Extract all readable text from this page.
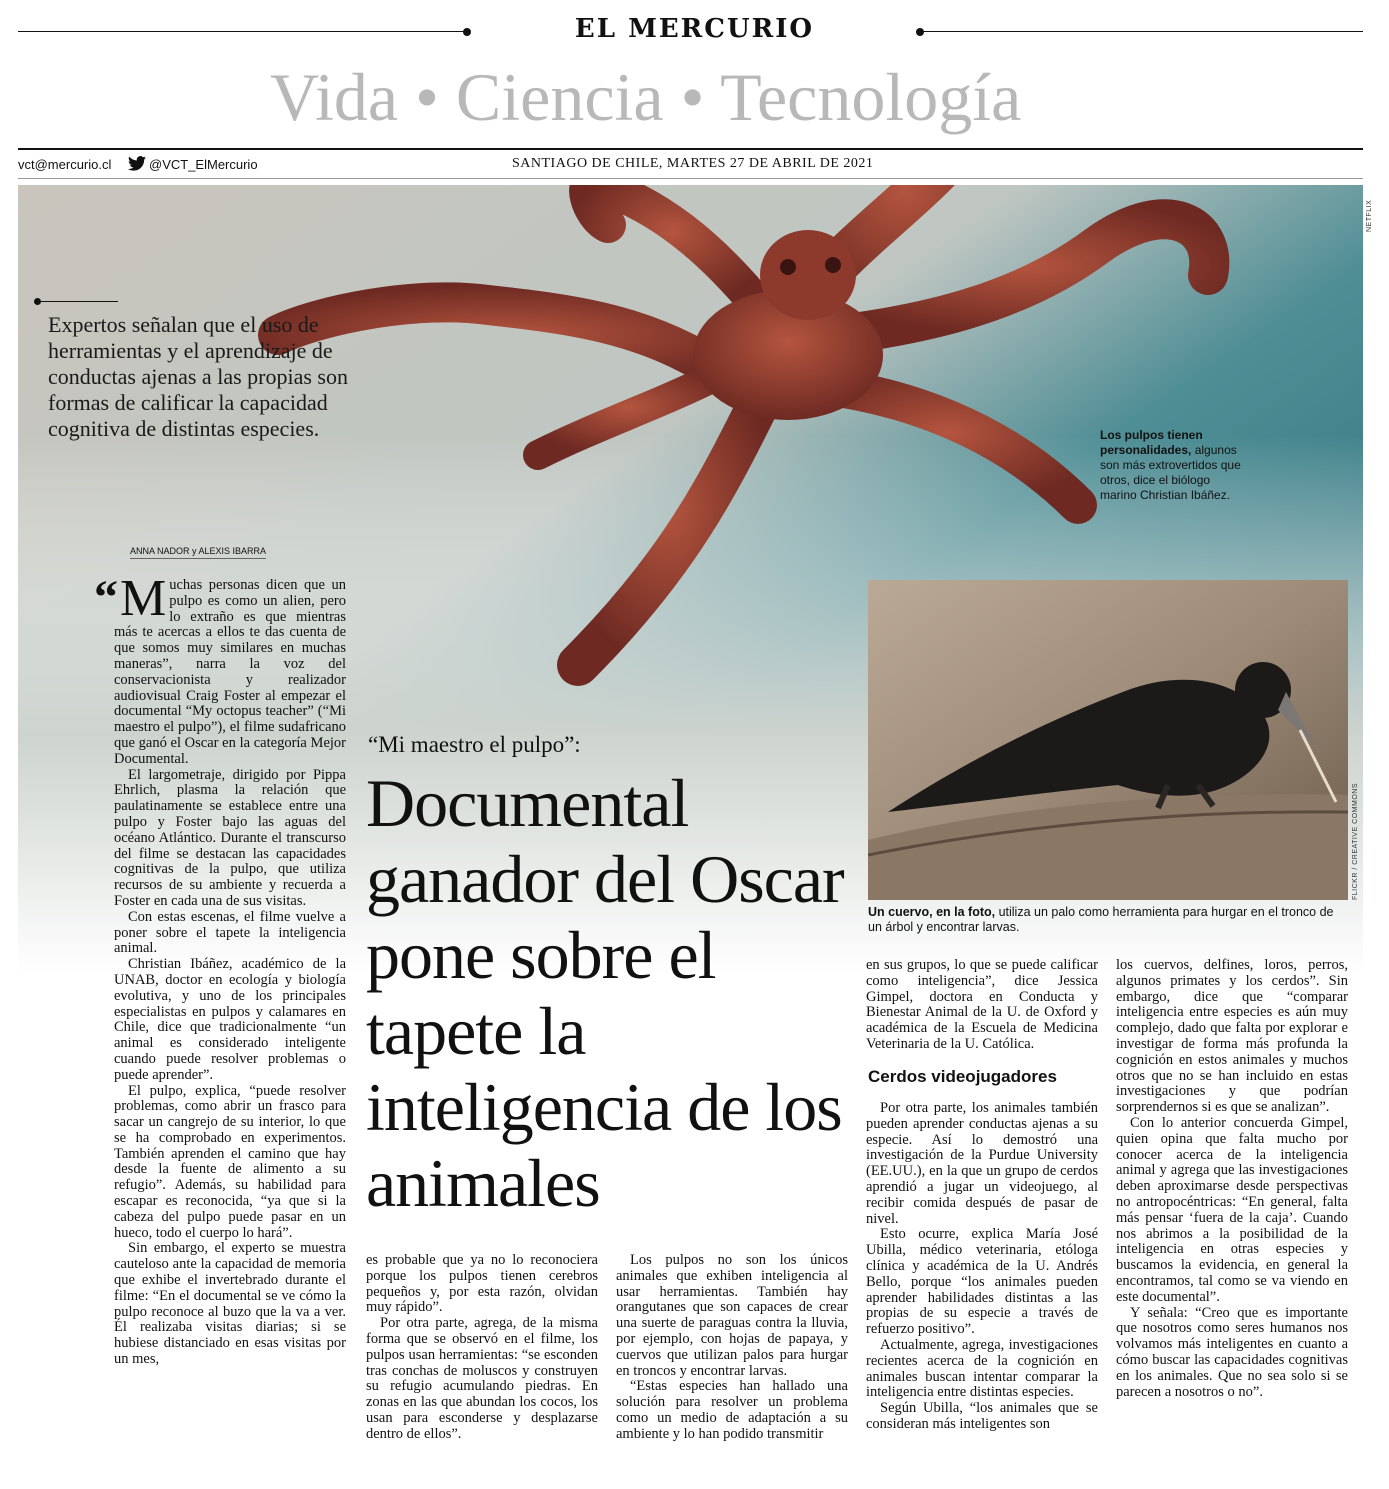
EL MERCURIO
Vida • Ciencia • Tecnología
vct@mercurio.cl	@VCT_ElMercurio	SANTIAGO DE CHILE, MARTES 27 DE ABRIL DE 2021
NETFLIX
Expertos señalan que el uso de herramientas y el aprendizaje de conductas ajenas a las propias son formas de calificar la capacidad cognitiva de distintas especies.
ANNA NADOR y ALEXIS IBARRA
Los pulpos tienen personalidades, algunos son más extrovertidos que otros, dice el biólogo marino Christian Ibáñez.
FLICKR / CREATIVE COMMONS
Un cuervo, en la foto, utiliza un palo como herramienta para hurgar en el tronco de un árbol y encontrar larvas.
“Mi maestro el pulpo”:
Documental ganador del Oscar pone sobre el tapete la inteligencia de los animales

“ M uchas personas dicen que un pulpo es como un alien, pero lo extraño es que mientras más te acercas a ellos te das cuenta de que somos muy similares en muchas maneras”, narra la voz del conservacionista y realizador audiovisual Craig Foster al empezar el documental “My octopus teacher” (“Mi maestro el pulpo”), el filme sudafricano que ganó el Oscar en la categoría Mejor Documental.

El largometraje, dirigido por Pippa Ehrlich, plasma la relación que paulatinamente se establece entre una pulpo y Foster bajo las aguas del océano Atlántico. Durante el transcurso del filme se destacan las capacidades cognitivas de la pulpo, que utiliza recursos de su ambiente y recuerda a Foster en cada una de sus visitas.

Con estas escenas, el filme vuelve a poner sobre el tapete la inteligencia animal.

Christian Ibáñez, académico de la UNAB, doctor en ecología y biología evolutiva, y uno de los principales especialistas en pulpos y calamares en Chile, dice que tradicionalmente “un animal es considerado inteligente cuando puede resolver problemas o puede aprender”.

El pulpo, explica, “puede resolver problemas, como abrir un frasco para sacar un cangrejo de su interior, lo que se ha comprobado en experimentos. También aprenden el camino que hay desde la fuente de alimento a su refugio”. Además, su habilidad para escapar es reconocida, “ya que si la cabeza del pulpo puede pasar en un hueco, todo el cuerpo lo hará”.

Sin embargo, el experto se muestra cauteloso ante la capacidad de memoria que exhibe el invertebrado durante el filme: “En el documental se ve cómo la pulpo reconoce al buzo que la va a ver. Él realizaba visitas diarias; si se hubiese distanciado en esas visitas por un mes,

es probable que ya no lo reconociera porque los pulpos tienen cerebros pequeños y, por esta razón, olvidan muy rápido”.

Por otra parte, agrega, de la misma forma que se observó en el filme, los pulpos usan herramientas: “se esconden tras conchas de moluscos y construyen su refugio acumulando piedras. En zonas en las que abundan los cocos, los usan para esconderse y desplazarse dentro de ellos”.

Los pulpos no son los únicos animales que exhiben inteligencia al usar herramientas. También hay orangutanes que son capaces de crear una suerte de paraguas contra la lluvia, por ejemplo, con hojas de papaya, y cuervos que utilizan palos para hurgar en troncos y encontrar larvas.

“Estas especies han hallado una solución para resolver un problema como un medio de adaptación a su ambiente y lo han podido transmitir

en sus grupos, lo que se puede calificar como inteligencia”, dice Jessica Gimpel, doctora en Conducta y Bienestar Animal de la U. de Oxford y académica de la Escuela de Medicina Veterinaria de la U. Católica.

Cerdos videojugadores

Por otra parte, los animales también pueden aprender conductas ajenas a su especie. Así lo demostró una investigación de la Purdue University (EE.UU.), en la que un grupo de cerdos aprendió a jugar un videojuego, al recibir comida después de pasar de nivel.

Esto ocurre, explica María José Ubilla, médico veterinaria, etóloga clínica y académica de la U. Andrés Bello, porque “los animales pueden aprender habilidades distintas a las propias de su especie a través de refuerzo positivo”.

Actualmente, agrega, investigaciones recientes acerca de la cognición en animales buscan intentar comparar la inteligencia entre distintas especies.

Según Ubilla, “los animales que se consideran más inteligentes son

los cuervos, delfines, loros, perros, algunos primates y los cerdos”. Sin embargo, dice que “comparar inteligencia entre especies es aún muy complejo, dado que falta por explorar e investigar de forma más profunda la cognición en estos animales y muchos otros que no se han incluido en estas investigaciones y que podrían sorprendernos si es que se analizan”.

Con lo anterior concuerda Gimpel, quien opina que falta mucho por conocer acerca de la inteligencia animal y agrega que las investigaciones deben aproximarse desde perspectivas no antropocéntricas: “En general, falta más pensar ‘fuera de la caja’. Cuando nos abrimos a la posibilidad de la inteligencia en otras especies y buscamos la evidencia, en general la encontramos, tal como se va viendo en este documental”.

Y señala: “Creo que es importante que nosotros como seres humanos nos volvamos más inteligentes en cuanto a cómo buscar las capacidades cognitivas en los animales. Que no sea solo si se parecen a nosotros o no”.
